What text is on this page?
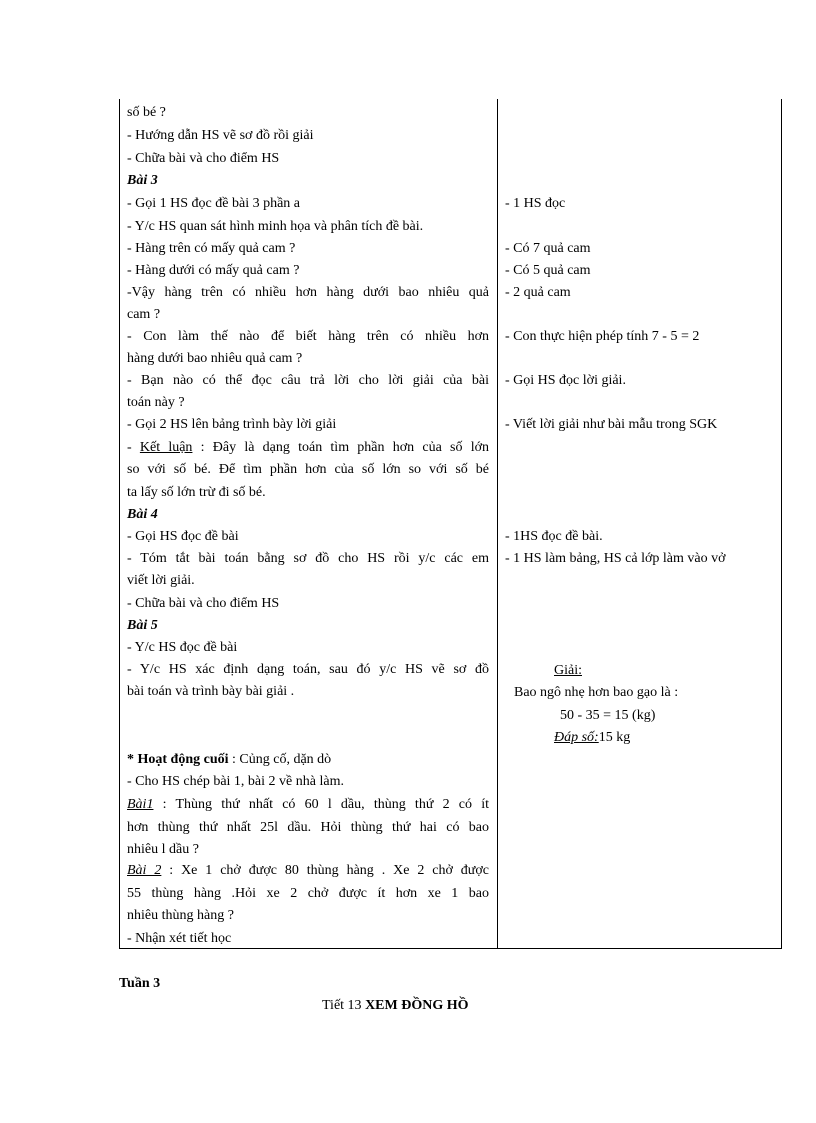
số bé ?
- Hướng dẫn HS vẽ sơ đồ rồi giải
- Chữa bài và cho điểm HS
Bài 3
- Gọi 1 HS đọc đề bài 3 phần a
- Y/c HS quan sát hình minh họa và phân tích đề bài.
- Hàng trên có mấy quả cam ?
- Hàng dưới có mấy quả cam ?
-Vậy hàng trên có nhiều hơn hàng dưới bao nhiêu quả
cam ?
- Con làm thế nào để biết hàng trên có nhiều hơn
hàng dưới bao nhiêu quả cam ?
- Bạn nào có thể đọc câu trả lời cho lời giải của bài
toán này ?
- Gọi 2 HS lên bảng trình bày lời giải
- Kết luận : Đây là dạng toán tìm phần hơn của số lớn
so với số bé. Để tìm phần hơn của số lớn so với số bé
ta lấy số lớn trừ đi số bé.
Bài 4
- Gọi HS đọc đề bài
- Tóm tắt bài toán bằng sơ đồ cho HS rồi y/c các em
viết lời giải.
- Chữa bài và cho điểm HS
Bài 5
- Y/c HS đọc đề bài
- Y/c HS xác định dạng toán, sau đó y/c HS vẽ sơ đồ
bài toán và trình bày bài giải .
* Hoạt động cuối : Củng cố, dặn dò
- Cho HS chép bài 1, bài 2 về nhà làm.
Bài1 : Thùng thứ nhất có 60 l dầu, thùng thứ 2 có ít
hơn thùng thứ nhất 25l dầu. Hỏi thùng thứ hai có bao
nhiêu l dầu ?
Bài 2 : Xe 1 chở được 80 thùng hàng . Xe 2 chở được
55 thùng hàng .Hỏi xe 2 chở được ít hơn xe 1 bao
nhiêu thùng hàng ?
- Nhận xét tiết học
- 1 HS đọc
- Có 7 quả cam
- Có 5 quả cam
- 2 quả cam
- Con thực hiện phép tính 7 - 5 = 2
- Gọi HS đọc lời giải.
- Viết lời giải như bài mẫu trong SGK
- 1HS đọc đề bài.
- 1 HS làm bảng, HS cả lớp làm vào vở
Giải:
Bao ngô nhẹ hơn bao gạo là :
50 - 35 = 15 (kg)
Đáp số:15 kg
Tuần 3
Tiết 13 XEM ĐỒNG HỒ
